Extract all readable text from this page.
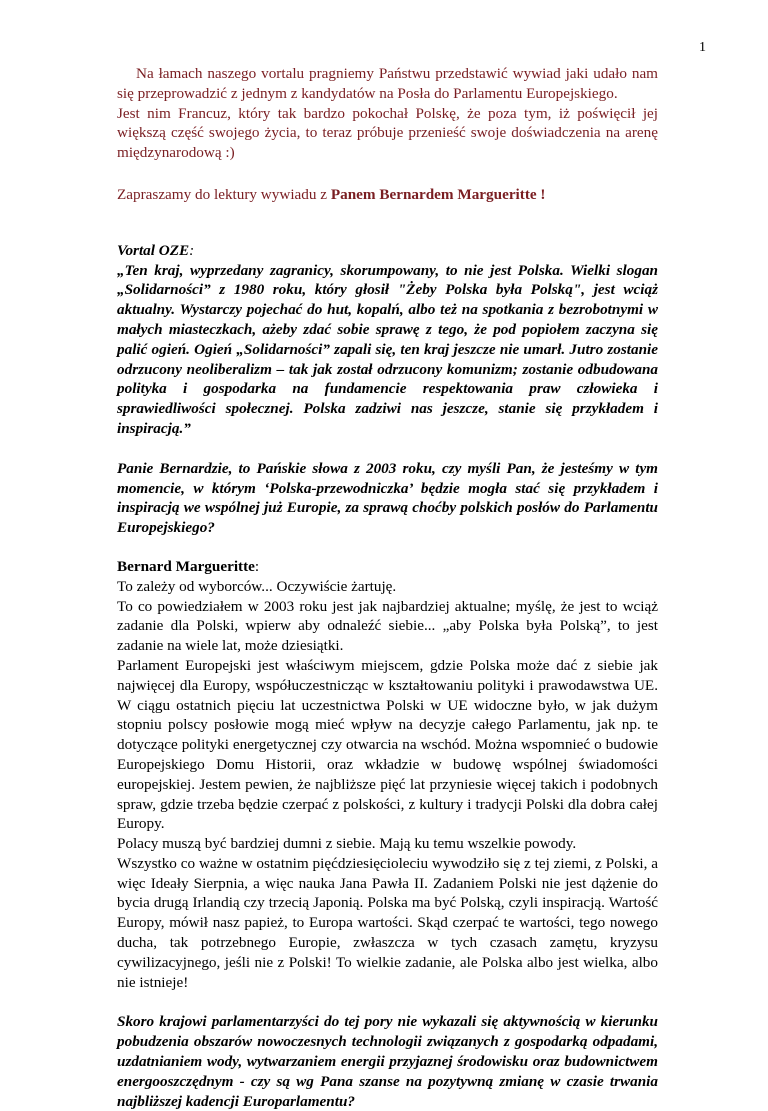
1

Na łamach naszego vortalu pragniemy Państwu przedstawić wywiad jaki udało nam się przeprowadzić z jednym z kandydatów na Posła do Parlamentu Europejskiego.
Jest nim Francuz, który tak bardzo pokochał Polskę, że poza tym, iż poświęcił jej większą część swojego życia, to teraz próbuje przenieść swoje doświadczenia na arenę międzynarodową :)

Zapraszamy do lektury wywiadu z Panem Bernardem Margueritte !

Vortal OZE:

„Ten kraj, wyprzedany zagranicy, skorumpowany, to nie jest Polska. Wielki slogan „Solidarności” z 1980 roku, który głosił "Żeby Polska była Polską", jest wciąż aktualny. Wystarczy pojechać do hut, kopalń, albo też na spotkania z bezrobotnymi w małych miasteczkach, ażeby zdać sobie sprawę z tego, że pod popiołem zaczyna się palić ogień. Ogień „Solidarności” zapali się, ten kraj jeszcze nie umarł. Jutro zostanie odrzucony neoliberalizm – tak jak został odrzucony komunizm; zostanie odbudowana polityka i gospodarka na fundamencie respektowania praw człowieka i sprawiedliwości społecznej. Polska zadziwi nas jeszcze, stanie się przykładem i inspiracją.”

Panie Bernardzie, to Pańskie słowa z 2003 roku, czy myśli Pan, że jesteśmy w tym momencie, w którym ‘Polska-przewodniczka’ będzie mogła stać się przykładem i inspiracją we wspólnej już Europie, za sprawą choćby polskich posłów do Parlamentu Europejskiego?

Bernard Margueritte:

To zależy od wyborców... Oczywiście żartuję.
To co powiedziałem w 2003 roku jest jak najbardziej aktualne; myślę, że jest to wciąż zadanie dla Polski, wpierw aby odnaleźć siebie... „aby Polska była Polską”, to jest zadanie na wiele lat, może dziesiątki.
Parlament Europejski jest właściwym miejscem, gdzie Polska może dać z siebie jak najwięcej dla Europy, współuczestnicząc w kształtowaniu polityki i prawodawstwa UE. W ciągu ostatnich pięciu lat uczestnictwa Polski w UE widoczne było, w jak dużym stopniu polscy posłowie mogą mieć wpływ na decyzje całego Parlamentu, jak np. te dotyczące polityki energetycznej czy otwarcia na wschód. Można wspomnieć o budowie Europejskiego Domu Historii, oraz wkładzie w budowę wspólnej świadomości europejskiej. Jestem pewien, że najbliższe pięć lat przyniesie więcej takich i podobnych spraw, gdzie trzeba będzie czerpać z polskości, z kultury i tradycji Polski dla dobra całej Europy.
Polacy muszą być bardziej dumni z siebie. Mają ku temu wszelkie powody.
Wszystko co ważne w ostatnim pięćdziesięcioleciu wywodziło się z tej ziemi, z Polski, a więc Ideały Sierpnia, a więc nauka Jana Pawła II. Zadaniem Polski nie jest dążenie do bycia drugą Irlandią czy trzecią Japonią. Polska ma być Polską, czyli inspiracją. Wartość Europy, mówił nasz papież, to Europa wartości. Skąd czerpać te wartości, tego nowego ducha, tak potrzebnego Europie, zwłaszcza w tych czasach zamętu, kryzysu cywilizacyjnego, jeśli nie z Polski! To wielkie zadanie, ale Polska albo jest wielka, albo nie istnieje!

Skoro krajowi parlamentarzyści do tej pory nie wykazali się aktywnością w kierunku pobudzenia obszarów nowoczesnych technologii związanych z gospodarką odpadami, uzdatnianiem wody, wytwarzaniem energii przyjaznej środowisku oraz budownictwem energooszczędnym - czy są wg Pana szanse na pozytywną zmianę w czasie trwania najbliższej kadencji Europarlamentu?
